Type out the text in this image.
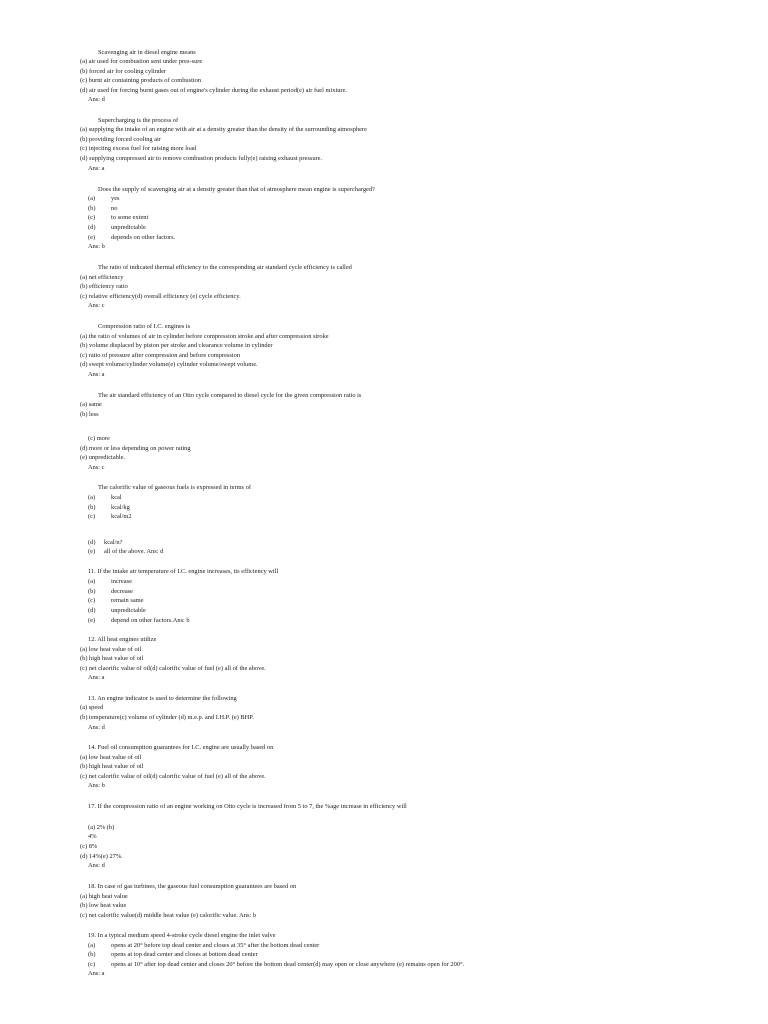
Scavenging air in diesel engine means
(a) air used for combustion sent under pres-sure
(b) forced air for cooling cylinder
(c) burnt air containing products of combustion
(d) air used for forcing burnt gases out of engine's cylinder during the exhaust period(e) air fuel mixture.
Ans: d
Supercharging is the process of
(a) supplying the intake of an engine with air at a density greater than the density of the surrounding atmosphere
(b) providing forced cooling air
(c) injecting excess fuel for raising more load
(d) supplying compressed air to remove combustion products fully(e) raising exhaust pressure.
Ans: a
Does the supply of scavenging air at a density greater than that of atmosphere mean engine is supercharged?
(a) yes
(b) no
(c) to some extent
(d) unpredictable
(e) depends on other factors.
Ans: b
The ratio of indicated thermal efficiency to the corresponding air standard cycle efficiency is called
(a) net efficiency
(b) efficiency ratio
(c) relative efficiency(d) overall efficiency (e) cycle efficiency.
Ans: c
Compression ratio of I.C. engines is
(a) the ratio of volumes of air in cylinder before compression stroke and after compression stroke
(b) volume displaced by piston per stroke and clearance volume in cylinder
(c) ratio of pressure after compression and before compression
(d) swept volume/cylinder volume(e) cylinder volume/swept volume.
Ans: a
The air standard efficiency of an Otto cycle compared to diesel cycle for the given compression ratio is
(a) same
(b) less
(c) more
(d) more or less depending on power rating
(e) unpredictable.
Ans: c
The calorific value of gaseous fuels is expressed in terms of
(a) kcal
(b) kcal/kg
(c) kcal/m2
(d) kcal/n?
(e) all of the above. Ans: d
11. If the intake air temperature of I.C. engine increases, its efficiency will
(a) increase
(b) decrease
(c) remain same
(d) unpredictable
(e) depend on other factors.Ans: b
12. All heat engines utilize
(a) low heat value of oil
(b) high heat value of oil
(c) net claorific value of oil(d) calorific value of fuel (e) all of the above.
Ans: a
13. An engine indicator is used to determine the following
(a) speed
(b) temperature(c) volume of cylinder (d) m.e.p. and I.H.P. (e) BHP.
Ans: d
14. Fuel oil consumption guarantees for I.C. engine are usually based on
(a) low heat value of oil
(b) high heat value of oil
(c) net calorific value of oil(d) calorific value of fuel (e) all of the above.
Ans: b
17. If the compression ratio of an engine working on Otto cycle is increased from 5 to 7, the %age increase in efficiency will
(a) 2% (b)
4%
(c) 8%
(d) 14%(e) 27%.
Ans: d
18. In case of gas turbines, the gaseous fuel consumption guarantees are based on
(a) high heat value
(b) low heat value
(c) net calorific value(d) middle heat value (e) calorific value. Ans: b
19. In a typical medium speed 4-stroke cycle diesel engine the inlet valve
(a) opens at 20° before top dead center and closes at 35° after the bottom dead center
(b) opens at top dead center and closes at bottom dead center
(c) opens at 10° after top dead center and closes 20° before the bottom dead center(d) may open or close anywhere (e) remains open for 200°.
Ans: a
